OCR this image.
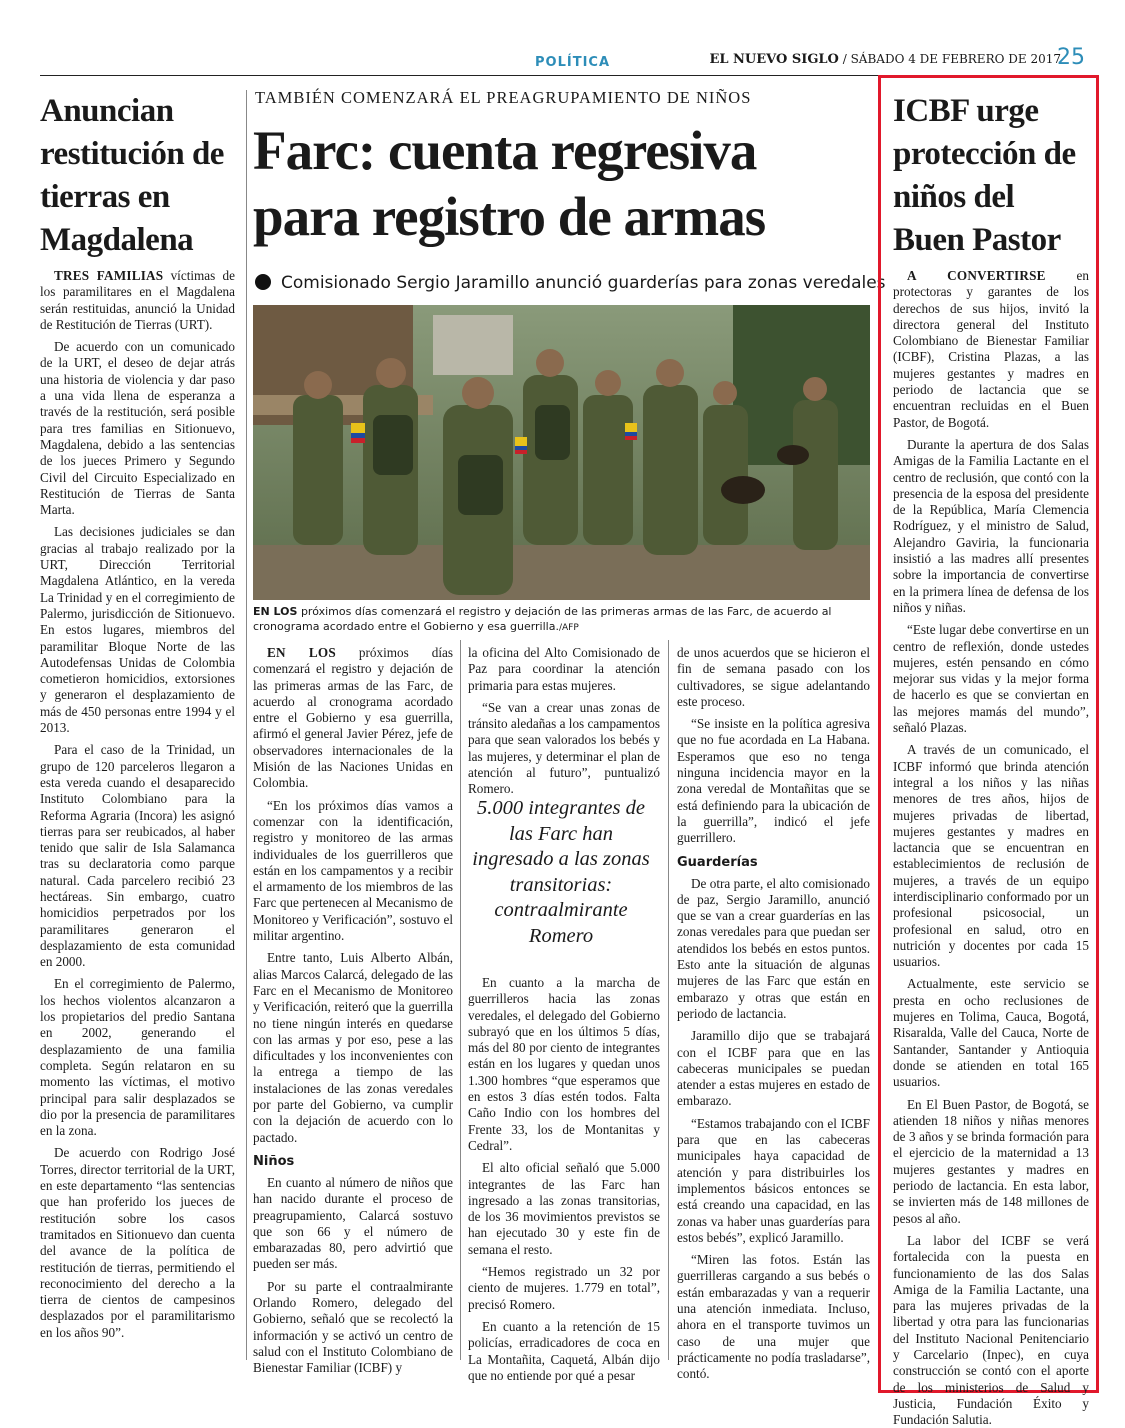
POLÍTICA	EL NUEVO SIGLO / SÁBADO 4 DE FEBRERO DE 2017
25
Anuncian restitución de tierras en Magdalena

TRES FAMILIAS víctimas de los paramilitares en el Magdalena serán restituidas, anunció la Unidad de Restitución de Tierras (URT).

De acuerdo con un comunicado de la URT, el deseo de dejar atrás una historia de violencia y dar paso a una vida llena de esperanza a través de la restitución, será posible para tres familias en Sitionuevo, Magdalena, debido a las sentencias de los jueces Primero y Segundo Civil del Circuito Especializado en Restitución de Tierras de Santa Marta.

Las decisiones judiciales se dan gracias al trabajo realizado por la URT, Dirección Territorial Magdalena Atlántico, en la vereda La Trinidad y en el corregimiento de Palermo, jurisdicción de Sitionuevo. En estos lugares, miembros del paramilitar Bloque Norte de las Autodefensas Unidas de Colombia cometieron homicidios, extorsiones y generaron el desplazamiento de más de 450 personas entre 1994 y el 2013.

Para el caso de la Trinidad, un grupo de 120 parceleros llegaron a esta vereda cuando el desaparecido Instituto Colombiano para la Reforma Agraria (Incora) les asignó tierras para ser reubicados, al haber tenido que salir de Isla Salamanca tras su declaratoria como parque natural. Cada parcelero recibió 23 hectáreas. Sin embargo, cuatro homicidios perpetrados por los paramilitares generaron el desplazamiento de esta comunidad en 2000.

En el corregimiento de Palermo, los hechos violentos alcanzaron a los propietarios del predio Santana en 2002, generando el desplazamiento de una familia completa. Según relataron en su momento las víctimas, el motivo principal para salir desplazados se dio por la presencia de paramilitares en la zona.

De acuerdo con Rodrigo José Torres, director territorial de la URT, en este departamento “las sentencias que han proferido los jueces de restitución sobre los casos tramitados en Sitionuevo dan cuenta del avance de la política de restitución de tierras, permitiendo el reconocimiento del derecho a la tierra de cientos de campesinos desplazados por el paramilitarismo en los años 90”.

TAMBIÉN COMENZARÁ EL PREAGRUPAMIENTO DE NIÑOS
Farc: cuenta regresiva para registro de armas
Comisionado Sergio Jaramillo anunció guarderías para zonas veredales
EN LOS próximos días comenzará el registro y dejación de las primeras armas de las Farc, de acuerdo al cronograma acordado entre el Gobierno y esa guerrilla./AFP

EN LOS próximos días comenzará el registro y dejación de las primeras armas de las Farc, de acuerdo al cronograma acordado entre el Gobierno y esa guerrilla, afirmó el general Javier Pérez, jefe de observadores internacionales de la Misión de las Naciones Unidas en Colombia.

“En los próximos días vamos a comenzar con la identificación, registro y monitoreo de las armas individuales de los guerrilleros que están en los campamentos y a recibir el armamento de los miembros de las Farc que pertenecen al Mecanismo de Monitoreo y Verificación”, sostuvo el militar argentino.

Entre tanto, Luis Alberto Albán, alias Marcos Calarcá, delegado de las Farc en el Mecanismo de Monitoreo y Verificación, reiteró que la guerrilla no tiene ningún interés en quedarse con las armas y por eso, pese a las dificultades y los inconvenientes con la entrega a tiempo de las instalaciones de las zonas veredales por parte del Gobierno, va cumplir con la dejación de acuerdo con lo pactado.

Niños

En cuanto al número de niños que han nacido durante el proceso de preagrupamiento, Calarcá sostuvo que son 66 y el número de embarazadas 80, pero advirtió que pueden ser más.

Por su parte el contraalmirante Orlando Romero, delegado del Gobierno, señaló que se recolectó la información y se activó un centro de salud con el Instituto Colombiano de Bienestar Familiar (ICBF) y

la oficina del Alto Comisionado de Paz para coordinar la atención primaria para estas mujeres.

“Se van a crear unas zonas de tránsito aledañas a los campamentos para que sean valorados los bebés y las mujeres, y determinar el plan de atención al futuro”, puntualizó Romero.

5.000 integrantes de las Farc han ingresado a las zonas transitorias: contraalmirante Romero

En cuanto a la marcha de guerrilleros hacia las zonas veredales, el delegado del Gobierno subrayó que en los últimos 5 días, más del 80 por ciento de integrantes están en los lugares y quedan unos 1.300 hombres “que esperamos que en estos 3 días estén todos. Falta Caño Indio con los hombres del Frente 33, los de Montanitas y Cedral”.

El alto oficial señaló que 5.000 integrantes de las Farc han ingresado a las zonas transitorias, de los 36 movimientos previstos se han ejecutado 30 y este fin de semana el resto.

“Hemos registrado un 32 por ciento de mujeres. 1.779 en total”, precisó Romero.

En cuanto a la retención de 15 policías, erradicadores de coca en La Montañita, Caquetá, Albán dijo que no entiende por qué a pesar

de unos acuerdos que se hicieron el fin de semana pasado con los cultivadores, se sigue adelantando este proceso.

“Se insiste en la política agresiva que no fue acordada en La Habana. Esperamos que eso no tenga ninguna incidencia mayor en la zona veredal de Montañitas que se está definiendo para la ubicación de la guerrilla”, indicó el jefe guerrillero.

Guarderías

De otra parte, el alto comisionado de paz, Sergio Jaramillo, anunció que se van a crear guarderías en las zonas veredales para que puedan ser atendidos los bebés en estos puntos. Esto ante la situación de algunas mujeres de las Farc que están en embarazo y otras que están en periodo de lactancia.

Jaramillo dijo que se trabajará con el ICBF para que en las cabeceras municipales se puedan atender a estas mujeres en estado de embarazo.

“Estamos trabajando con el ICBF para que en las cabeceras municipales haya capacidad de atención y para distribuirles los implementos básicos entonces se está creando una capacidad, en las zonas va haber unas guarderías para estos bebés”, explicó Jaramillo.

“Miren las fotos. Están las guerrilleras cargando a sus bebés o están embarazadas y van a requerir una atención inmediata. Incluso, ahora en el transporte tuvimos un caso de una mujer que prácticamente no podía trasladarse”, contó.

ICBF urge protección de niños del Buen Pastor

A CONVERTIRSE en protectoras y garantes de los derechos de sus hijos, invitó la directora general del Instituto Colombiano de Bienestar Familiar (ICBF), Cristina Plazas, a las mujeres gestantes y madres en periodo de lactancia que se encuentran recluidas en el Buen Pastor, de Bogotá.

Durante la apertura de dos Salas Amigas de la Familia Lactante en el centro de reclusión, que contó con la presencia de la esposa del presidente de la República, María Clemencia Rodríguez, y el ministro de Salud, Alejandro Gaviria, la funcionaria insistió a las madres allí presentes sobre la importancia de convertirse en la primera línea de defensa de los niños y niñas.

“Este lugar debe convertirse en un centro de reflexión, donde ustedes mujeres, estén pensando en cómo mejorar sus vidas y la mejor forma de hacerlo es que se conviertan en las mejores mamás del mundo”, señaló Plazas.

A través de un comunicado, el ICBF informó que brinda atención integral a los niños y las niñas menores de tres años, hijos de mujeres privadas de libertad, mujeres gestantes y madres en lactancia que se encuentran en establecimientos de reclusión de mujeres, a través de un equipo interdisciplinario conformado por un profesional psicosocial, un profesional en salud, otro en nutrición y docentes por cada 15 usuarios.

Actualmente, este servicio se presta en ocho reclusiones de mujeres en Tolima, Cauca, Bogotá, Risaralda, Valle del Cauca, Norte de Santander, Santander y Antioquia donde se atienden en total 165 usuarios.

En El Buen Pastor, de Bogotá, se atienden 18 niños y niñas menores de 3 años y se brinda formación para el ejercicio de la maternidad a 13 mujeres gestantes y madres en periodo de lactancia. En esta labor, se invierten más de 148 millones de pesos al año.

La labor del ICBF se verá fortalecida con la puesta en funcionamiento de las dos Salas Amiga de la Familia Lactante, una para las mujeres privadas de la libertad y otra para las funcionarias del Instituto Nacional Penitenciario y Carcelario (Inpec), en cuya construcción se contó con el aporte de los ministerios de Salud y Justicia, Fundación Éxito y Fundación Salutia.
